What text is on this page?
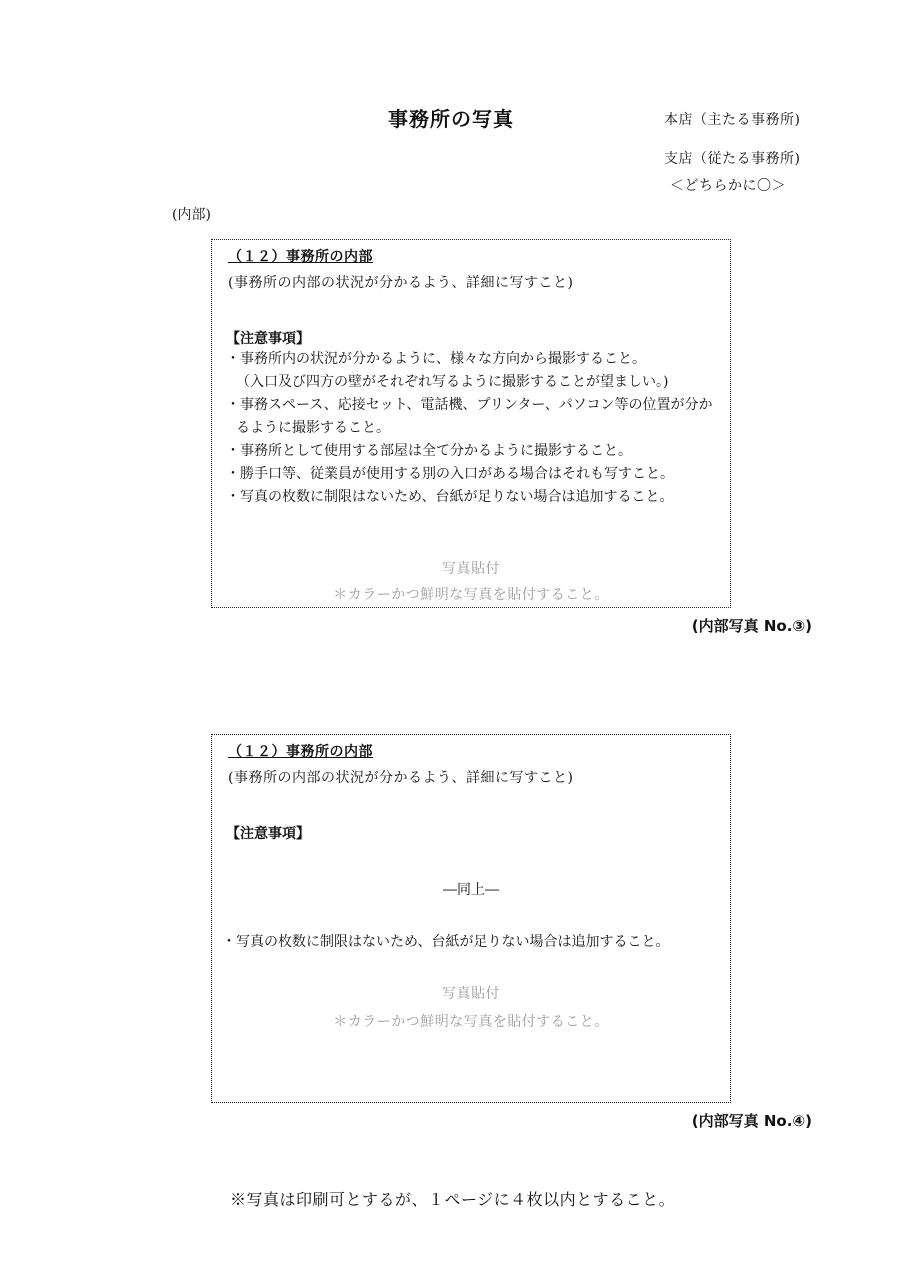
事務所の写真	本店（主たる事務所)
支店（従たる事務所)
＜どちらかに〇＞
(内部)
（１２）事務所の内部
(事務所の内部の状況が分かるよう、詳細に写すこと)
【注意事項】
・事務所内の状況が分かるように、様々な方向から撮影すること。
（入口及び四方の壁がそれぞれ写るように撮影することが望ましい。)
・事務スペース、応接セット、電話機、プリンター、パソコン等の位置が分かるように撮影すること。
・事務所として使用する部屋は全て分かるように撮影すること。
・勝手口等、従業員が使用する別の入口がある場合はそれも写すこと。
・写真の枚数に制限はないため、台紙が足りない場合は追加すること。
写真貼付
＊カラーかつ鮮明な写真を貼付すること。
(内部写真 No.③)
（１２）事務所の内部
(事務所の内部の状況が分かるよう、詳細に写すこと)
【注意事項】
―同上―
・写真の枚数に制限はないため、台紙が足りない場合は追加すること。
写真貼付
＊カラーかつ鮮明な写真を貼付すること。
(内部写真 No.④)
※写真は印刷可とするが、１ページに４枚以内とすること。
